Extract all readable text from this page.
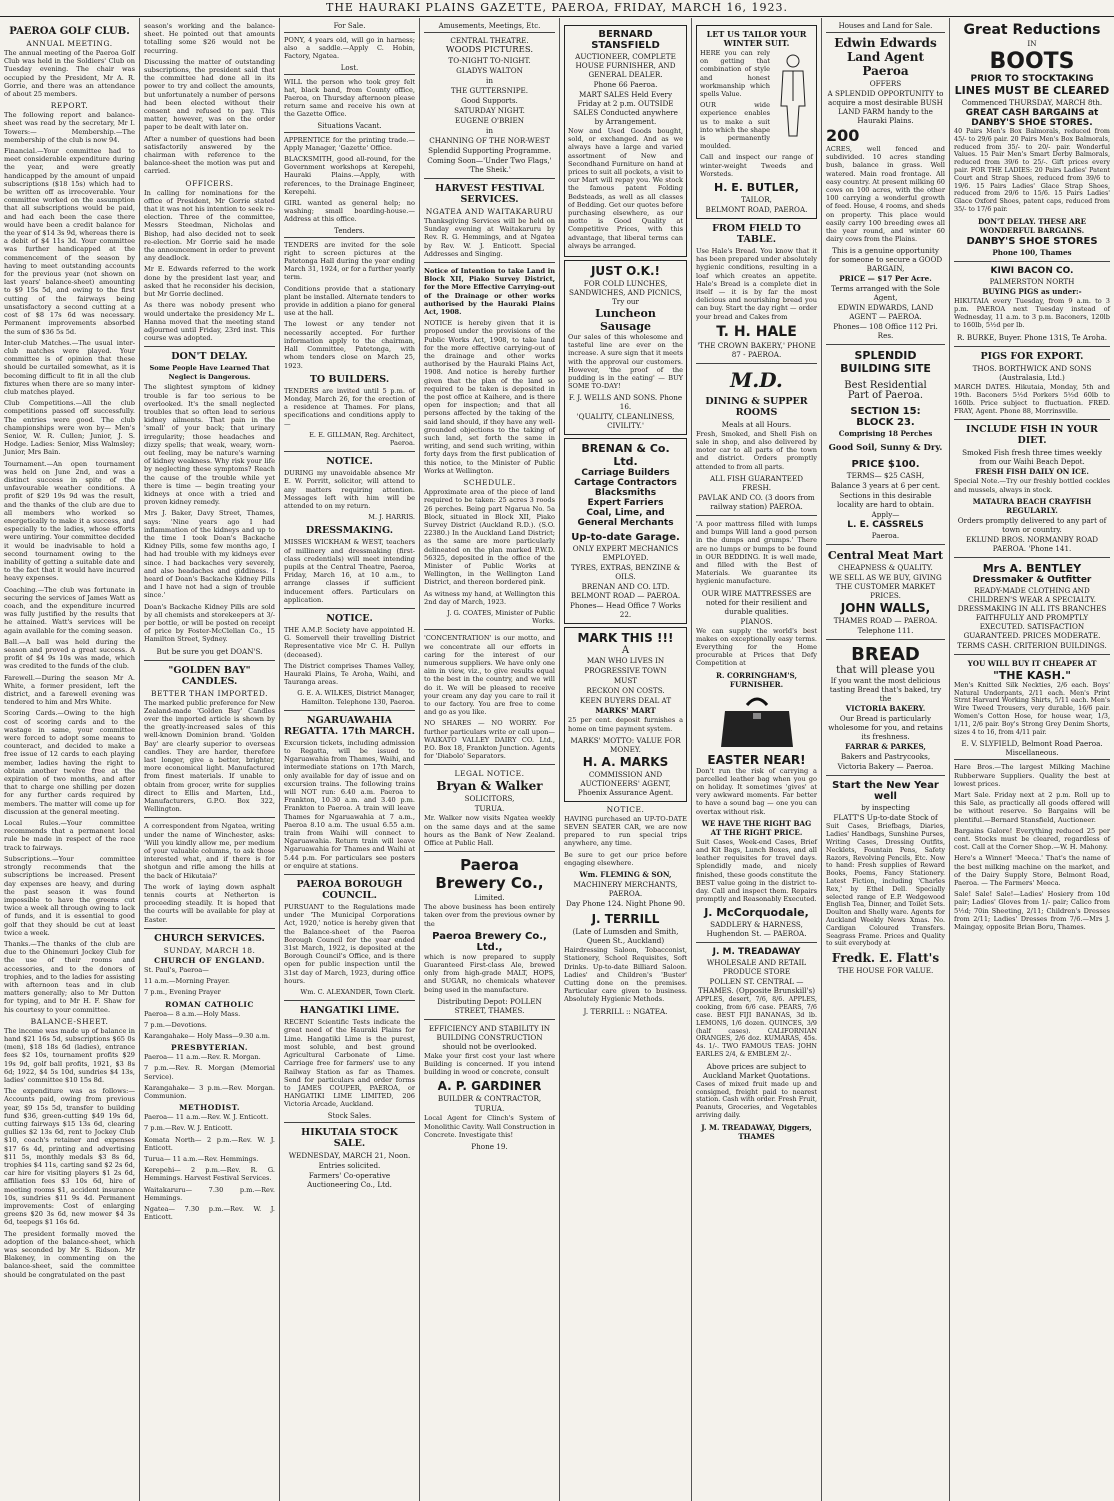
THE HAURAKI PLAINS GAZETTE, PAEROA, FRIDAY, MARCH 16, 1923.
PAEROA GOLF CLUB.
ANNUAL MEETING.
The annual meeting of the Paeroa Golf Club was held in the Soldiers' Club on Tuesday evening. The chair was occupied by the President, Mr A. R. Gorrie, and there was an attendance of about 25 members.
REPORT.
The following report and balance-sheet was read by the secretary, Mr I. Towers:— Membership.—The membership of the club is now 94.
Financial.—Your committee had to meet considerable expenditure during the year, and were greatly handicapped by the amount of unpaid subscriptions ($18 15s) which had to be written off as irrecoverable. Your committee worked on the assumption that all subscriptions would be paid, and had each been the case there would have been a credit balance for the year of $14 3s 9d, whereas there is a debit of $4 11s 3d. Your committee was further handicapped at the commencement of the season by having to meet outstanding accounts for the previous year (not shown on last years' balance-sheet) amounting to $9 15s 5d, and owing to the first cutting of the fairways being unsatisfactory a second cutting at a cost of $8 17s 6d was necessary. Permanent improvements absorbed the sum of $36 5s 5d.
Inter-club Matches.—The usual inter-club matches were played. Your committee is of opinion that these should be curtailed somewhat, as it is becoming difficult to fit in all the club fixtures when there are so many inter-club matches played.
Club Competitions.—All the club competitions passed off successfully. The entries were good. The club championships were won by— Men's Senior, W. R. Cullen; Junior, J. S. Hodge. Ladies: Senior, Miss Walmsley; Junior, Mrs Bain.
Tournament.—An open tournament was held on June 2nd, and was a distinct success in spite of the unfavourable weather conditions. A profit of $29 19s 9d was the result, and the thanks of the club are due to all members who worked so energetically to make it a success, and especially to the ladies, whose efforts were untiring. Your committee decided it would be inadvisable to hold a second tournament owing to the inability of getting a suitable date and to the fact that it would have incurred heavy expenses.
Coaching.—The club was fortunate in securing the services of James Watt as coach, and the expenditure incurred was fully justified by the results that he attained. Watt's services will be again available for the coming season.
Ball.—A ball was held during the season and proved a great success. A profit of $4 9s 10s was made, which was credited to the funds of the club.
Farewell.—During the season Mr A. White, a former president, left the district, and a farewell evening was tendered to him and Mrs White.
Scoring Cards.—Owing to the high cost of scoring cards and to the wastage in same, your committee were forced to adopt some means to counteract, and decided to make a free issue of 12 cards to each playing member, ladies having the right to obtain another twelve free at the expiration of two months, and after that to charge one shilling per dozen for any further cards required by members. The matter will come up for discussion at the general meeting.
Local Rules.—Your committee recommends that a permanent local rule be made in respect of the race track to fairways.
Subscriptions.—Your committee strongly recommends that the subscriptions be increased. Present day expenses are heavy, and during the past season it was found impossible to have the greens cut twice a week all through owing to lack of funds, and it is essential to good golf that they should be cut at least twice a week.
Thanks.—The thanks of the club are due to the Ohinemuri Jockey Club for the use of their rooms and accessories, and to the donors of trophies, and to the ladies for assisting with afternoon teas and in club matters generally; also to Mr Dutton for typing, and to Mr H. F. Shaw for his courtesy to your committee.
BALANCE-SHEET.
The income was made up of balance in hand $21 16s 5d, subscriptions $65 0s (men), $18 18s 6d (ladies), entrance fees $2 10s, tournament profits $29 19s 9d, golf ball profits, 1921, $3 8s 6d; 1922, $4 5s 10d, sundries $4 13s, ladies' committee $10 15s 8d.
The expenditure was as follows:— Accounts paid, owing from previous year, $9 15s 5d, transfer to building fund $36, green-cutting $49 19s 6d, cutting fairways $15 13s 6d, clearing gullies $2 13s 6d, rent to Jockey Club $10, coach's retainer and expenses $17 6s 4d, printing and advertising $11 5s, monthly medals $3 8s 6d, trophies $4 11s, carting sand $2 2s 6d, car hire for visiting players $1 2s 6d, affiliation fees $3 10s 6d, hire of meeting rooms $1, accident insurance 10s, sundries $11 9s 4d. Permanent improvements: Cost of enlarging greens $20 3s 6d, new mower $4 3s 6d, teepegs $1 16s 6d.
The president formally moved the adoption of the balance-sheet, which was seconded by Mr S. Ridson. Mr Blakeney, in commenting on the balance-sheet, said the committee should be congratulated on the past
season's working and the balance-sheet. He pointed out that amounts totalling some $26 would not be recurring.
Discussing the matter of outstanding subscriptions, the president said that the committee had done all in its power to try and collect the amounts, but unfortunately a number of persons had been elected without their consent and refused to pay. This matter, however, was on the order paper to be dealt with later on.
After a number of questions had been satisfactorily answered by the chairman with reference to the balance-sheet the motion was put and carried.
OFFICERS.
In calling for nominations for the office of President, Mr Gorrie stated that it was not his intention to seek re-election. Three of the committee, Messrs Steedman, Nicholas and Bishop, had also decided not to seek re-election. Mr Gorrie said he made the announcement in order to prevent any deadlock.
Mr E. Edwards referred to the work done by the president last year, and asked that he reconsider his decision, but Mr Gorrie declined.
As there was nobody present who would undertake the presidency Mr L. Hanna moved that the meeting stand adjourned until Friday, 23rd inst. This course was adopted.
DON'T DELAY.
Some People Have Learned That Neglect is Dangerous.
The slightest symptom of kidney trouble is far too serious to be overlooked. It's the small neglected troubles that so often lead to serious kidney ailments. That pain in the 'small' of your back; that urinary irregularity; those headaches and dizzy spells; that weak, weary, worn-out feeling, may be nature's warning of kidney weakness. Why risk your life by neglecting these symptoms? Reach the cause of the trouble while yet there is time — begin treating your kidneys at once with a tried and proven kidney remedy.
Mrs J. Baker, Davy Street, Thames, says: 'Nine years ago I had inflammation of the kidneys and up to the time I took Doan's Backache Kidney Pills, some few months ago, I had had trouble with my kidneys ever since. I had backaches very severely, and also headaches and giddiness. I heard of Doan's Backache Kidney Pills and I have not had a sign of trouble since.'
Doan's Backache Kidney Pills are sold by all chemists and storekeepers at 3/- per bottle, or will be posted on receipt of price by Foster-McClellan Co., 15 Hamilton Street, Sydney.
But be sure you get DOAN'S.
"GOLDEN BAY" CANDLES.
BETTER THAN IMPORTED.
The marked public preference for New Zealand-made 'Golden Bay' Candles over the imported article is shown by the greatly-increased sales of this well-known Dominion brand. 'Golden Bay' are clearly superior to overseas candles. They are harder, therefore last longer, give a better, brighter, more economical light. Manufactured from finest materials. If unable to obtain from grocer, write for supplies direct to Ellis and Marten, Ltd., Manufacturers, G.P.O. Box 322, Wellington.
A correspondent from Ngatea, writing under the name of Winchester, asks: 'Will you kindly allow me, per medium of your valuable columns, to ask those interested what, and if there is for shotgun and rifle among the hills at the back of Hikutaia?'
The work of laying down asphalt tennis courts at Netherton is proceeding steadily. It is hoped that the courts will be available for play at Easter.
CHURCH SERVICES.
SUNDAY, MARCH 18.
CHURCH OF ENGLAND.
St. Paul's, Paeroa—
11 a.m.—Morning Prayer.
7 p.m., Evening Prayer
ROMAN CATHOLIC
Paeroa— 8 a.m.—Holy Mass.
7 p.m.—Devotions.
Karangahake— Holy Mass—9.30 a.m.
PRESBYTERIAN.
Paeroa— 11 a.m.—Rev. R. Morgan.
7 p.m.—Rev. R. Morgan (Memorial Service).
Karangahake— 3 p.m.—Rev. Morgan. Communion.
METHODIST.
Paeroa— 11 a.m.—Rev. W. J. Enticott.
7 p.m.—Rev. W. J. Enticott.
Komata North— 2 p.m.—Rev. W. J. Enticott.
Turua— 11 a.m.—Rev. Hemmings.
Kerepehi— 2 p.m.—Rev. R. G. Hemmings. Harvest Festival Services.
Waitakaruru— 7.30 p.m.—Rev. Hemmings.
Ngatea— 7.30 p.m.—Rev. W. J. Enticott.
For Sale.
PONY, 4 years old, will go in harness; also a saddle.—Apply C. Hobin, Factory, Ngatea.
Lost.
WILL the person who took grey felt hat, black band, from County office, Paeroa, on Thursday afternoon please return same and receive his own at the Gazette Office.
Situations Vacant.
APPRENTICE for the printing trade.—Apply Manager, 'Gazette' Office.
BLACKSMITH, good all-round, for the Government workshops at Kerepehi, Hauraki Plains.—Apply, with references, to the Drainage Engineer, Kerepehi.
GIRL wanted as general help; no washing; small boarding-house.—Address at this office.
Tenders.
TENDERS are invited for the sole right to screen pictures at the Patetonga Hall during the year ending March 31, 1924, or for a further yearly term.
Conditions provide that a stationary plant be installed. Alternate tenders to provide in addition a piano for general use at the hall.
The lowest or any tender not necessarily accepted. For further information apply to the chairman, Hall Committee, Patetonga, with whom tenders close on March 25, 1923.
TO BUILDERS.
TENDERS are invited until 5 p.m. of Monday, March 26, for the erection of a residence at Thames. For plans, specifications and conditions apply to—
E. E. GILLMAN, Reg. Architect, Paeroa.
NOTICE.
DURING my unavoidable absence Mr E. W. Porritt, solicitor, will attend to any matters requiring attention. Messages left with him will be attended to on my return.
M. J. HARRIS.
DRESSMAKING.
MISSES WICKHAM & WEST, teachers of millinery and dressmaking (first-class credentials) will meet intending pupils at the Central Theatre, Paeroa, Friday, March 16, at 10 a.m., to arrange classes if sufficient inducement offers. Particulars on application.
NOTICE.
THE A.M.P. Society have appointed H. G. Somervell their travelling District Representative vice Mr C. H. Pullyn (deceased).
The District comprises Thames Valley, Hauraki Plains, Te Aroha, Waihi, and Tauranga areas.
G. E. A. WILKES, District Manager, Hamilton. Telephone 130, Paeroa.
NGARUAWAHIA REGATTA. 17th MARCH.
Excursion tickets, including admission to Regatta, will be issued to Ngaruawahia from Thames, Waihi, and intermediate stations on 17th March, only available for day of issue and on excursion trains. The following trains will NOT run: 6.40 a.m. Paeroa to Frankton, 10.30 a.m. and 3.40 p.m. Frankton to Paeroa. A train will leave Thames for Ngaruawahia at 7 a.m., Paeroa 8.10 a.m. The usual 6.55 a.m. train from Waihi will connect to Ngaruawahia. Return train will leave Ngaruawahia for Thames and Waihi at 5.44 p.m. For particulars see posters or enquire at stations.
PAEROA BOROUGH COUNCIL.
PURSUANT to the Regulations made under 'The Municipal Corporations Act, 1920,' notice is hereby given that the Balance-sheet of the Paeroa Borough Council for the year ended 31st March, 1922, is deposited at the Borough Council's Office, and is there open for public inspection until the 31st day of March, 1923, during office hours.
Wm. C. ALEXANDER, Town Clerk.
HANGATIKI LIME.
RECENT Scientific Tests indicate the great need of the Hauraki Plains for Lime. Hangatiki Lime is the purest, most soluble, and best ground Agricultural Carbonate of Lime. Carriage free for farmers' use to any Railway Station as far as Thames. Send for particulars and order forms to JAMES COUPER, PAEROA, or HANGATIKI LIME LIMITED, 206 Victoria Arcade, Auckland.
Stock Sales.
HIKUTAIA STOCK SALE.
WEDNESDAY, MARCH 21, Noon.
Entries solicited.
Farmers' Co-operative Auctioneering Co., Ltd.
Amusements, Meetings, Etc.
CENTRAL THEATRE.
WOODS PICTURES.
TO-NIGHT TO-NIGHT.
GLADYS WALTON
in
THE GUTTERSNIPE.
Good Supports.
SATURDAY NIGHT.
EUGENE O'BRIEN
in
CHANNING OF THE NOR-WEST
Splendid Supporting Programme.
Coming Soon—'Under Two Flags,' 'The Sheik.'
HARVEST FESTIVAL SERVICES.
NGATEA AND WAITAKARURU
Thanksgiving Services will be held on Sunday evening at Waitakaruru by Rev. R. G. Hemmings, and at Ngatea by Rev. W. J. Enticott. Special Addresses and Singing.
Notice of Intention to take Land in Block XII, Piako Survey District, for the More Effective Carrying-out of the Drainage or other works authorised by the Hauraki Plains Act, 1908.
NOTICE is hereby given that it is proposed under the provisions of the Public Works Act, 1908, to take land for the more effective carrying-out of the drainage and other works authorised by the Hauraki Plains Act, 1908. And notice is hereby further given that the plan of the land so required to be taken is deposited in the post office at Kaihere, and is there open for inspection; and that all persons affected by the taking of the said land should, if they have any well-grounded objections to the taking of such land, set forth the same in writing, and send such writing, within forty days from the first publication of this notice, to the Minister of Public Works at Wellington.
SCHEDULE.
Approximate area of the piece of land required to be taken: 25 acres 3 roods 26 perches. Being part Ngarua No. 5a Block, situated in Block XII, Piako Survey District (Auckland R.D.). (S.O. 22380.) In the Auckland Land District; as the same are more particularly delineated on the plan marked P.W.D. 56325, deposited in the office of the Minister of Public Works at Wellington, in the Wellington Land District, and thereon bordered pink.
As witness my hand, at Wellington this 2nd day of March, 1923.
J. G. COATES, Minister of Public Works.
'CONCENTRATION' is our motto, and we concentrate all our efforts in caring for the interest of our numerous suppliers. We have only one aim in view, viz., to give results equal to the best in the country, and we will do it. We will be pleased to receive your cream any day you care to rail it to our factory. You are free to come and go as you like.
NO SHARES — NO WORRY. For further particulars write or call upon— WAIKATO VALLEY DAIRY CO. Ltd., P.O. Box 18, Frankton Junction. Agents for 'Diabolo' Separators.
LEGAL NOTICE.
Bryan & Walker
SOLICITORS,
TURUA.
Mr. Walker now visits Ngatea weekly on the same days and at the same hours as the Bank of New Zealand. Office at Public Hall.
Paeroa
Brewery Co.,
Limited.
The above business has been entirely taken over from the previous owner by the
Paeroa Brewery Co., Ltd.,
which is now prepared to supply Guaranteed First-class Ale, brewed only from high-grade MALT, HOPS, and SUGAR, no chemicals whatever being used in the manufacture.
Distributing Depot: POLLEN STREET, THAMES.
EFFICIENCY AND STABILITY IN BUILDING CONSTRUCTION should not be overlooked.
Make your first cost your last where Building is concerned. If you intend building in wood or concrete, consult
A. P. GARDINER
BUILDER & CONTRACTOR,
TURUA.
Local Agent for Clinch's System of Monolithic Cavity. Wall Construction in Concrete. Investigate this!
Phone 19.
BERNARD STANSFIELD
AUCTIONEER, COMPLETE HOUSE FURNISHER, AND GENERAL DEALER.
Phone 66 Paeroa.
MART SALES Held Every Friday at 2 p.m. OUTSIDE SALES Conducted anywhere by Arrangement.
Now and Used Goods bought, sold, or exchanged. And as we always have a large and varied assortment of New and Secondhand Furniture on hand at prices to suit all pockets, a visit to our Mart will repay you. We stock the famous patent Folding Bedsteads, as well as all classes of Bedding. Get our quotes before purchasing elsewhere, as our motto is Good Quality at Competitive Prices, with this advantage, that liberal terms can always be arranged.
JUST O.K.!
FOR COLD LUNCHES, SANDWICHES, AND PICNICS, Try our
Luncheon Sausage
Our sales of this wholesome and tasteful line are ever on the increase. A sure sign that it meets with the approval our customers. However, 'the proof of the pudding is in the eating' — BUY SOME TO-DAY!
F. J. WELLS AND SONS. Phone 16.
'QUALITY, CLEANLINESS, CIVILITY.'
BRENAN & Co. Ltd.
Carriage Builders
Cartage Contractors
Blacksmiths
Expert Farriers
Coal, Lime, and
General Merchants
Up-to-date Garage.
ONLY EXPERT MECHANICS EMPLOYED.
TYRES, EXTRAS, BENZINE & OILS.
BRENAN AND CO. LTD. BELMONT ROAD — PAEROA.
Phones— Head Office 7 Works 22.
MARK THIS !!!
A
MAN WHO LIVES IN
PROGRESSIVE TOWN
MUST
RECKON ON COSTS.
KEEN BUYERS DEAL AT
MARKS' MART
25 per cent. deposit furnishes a home on time payment system.
MARKS' MOTTO: VALUE FOR MONEY.
H. A. MARKS
COMMISSION AND AUCTIONEERS' AGENT, Phoenix Assurance Agent.
NOTICE.
HAVING purchased an UP-TO-DATE SEVEN SEATER CAR, we are now prepared to run special trips anywhere, any time.
Be sure to get our price before engaging elsewhere.
Wm. FLEMING & SON,
MACHINERY MERCHANTS, PAEROA.
Day Phone 124. Night Phone 90.
J. TERRILL
(Late of Lumsden and Smith, Queen St., Auckland)
Hairdressing Saloon, Tobacconist, Stationery, School Requisites, Soft Drinks. Up-to-date Billiard Saloon. Ladies' and Children's 'Buster' Cutting done on the premises. Particular care given to business. Absolutely Hygienic Methods.
J. TERRILL :: NGATEA.
LET US TAILOR YOUR WINTER SUIT.
HERE you can rely on getting that combination of style and honest workmanship which spells Value.
OUR wide experience enables us to make a suit into which the shape is permanently moulded.
Call and inspect our range of winter-weight Tweeds and Worsteds.
H. E. BUTLER,
TAILOR,
BELMONT ROAD, PAEROA.
FROM FIELD TO TABLE.
Use Hale's Bread. You know that it has been prepared under absolutely hygienic conditions, resulting in a loaf which creates an appetite. Hale's Bread is a complete diet in itself — it is by far the most delicious and nourishing bread you can buy. Start the day right — order your bread and Cakes from
T. H. HALE
'THE CROWN BAKERY,' PHONE 87 - PAEROA.
M.D.
DINING & SUPPER ROOMS
Meals at all Hours.
Fresh, Smoked, and Shell Fish on sale in shop, and also delivered by motor car to all parts of the town and district. Orders promptly attended to from all parts.
ALL FISH GUARANTEED FRESH.
PAVLAK AND CO. (3 doors from railway station) PAEROA.
'A poor mattress filled with lumps and bumps Will land a good person in the dumps and grumps.' There are no lumps or bumps to be found in OUR BEDDING. It is well made, and filled with the Best of Materials. We guarantee its hygienic manufacture.
OUR WIRE MATTRESSES are noted for their resilient and durable qualities.
PIANOS.
We can supply the world's best makes on exceptionally easy terms. Everything for the Home procurable at Prices that Defy Competition at
R. CORRINGHAM'S, FURNISHER.
EASTER NEAR!
Don't run the risk of carrying a parcelled leather bag when you go on holiday. It sometimes 'gives' at very awkward moments. Far better to have a sound bag — one you can overtax without risk.
WE HAVE THE RIGHT BAG AT THE RIGHT PRICE.
Suit Cases, Week-end Cases, Brief and Kit Bags, Lunch Boxes, and all leather requisites for travel days. Splendidly made, and nicely finished, these goods constitute the BEST value going in the district to-day. Call and inspect them. Repairs promptly and Reasonably Executed.
J. McCorquodale,
SADDLERY & HARNESS, Hughendon St. — PAEROA.
J. M. TREADAWAY
WHOLESALE AND RETAIL PRODUCE STORE
POLLEN ST. CENTRAL — THAMES. (Opposite Brunskill's)
APPLES, desert, 7/6, 8/6. APPLES, cooking, from 6/6 case. PEARS, 7/6 case. BEST FIJI BANANAS, 3d lb. LEMONS, 1/6 dozen. QUINCES, 3/9 (half cases). CALIFORNIAN ORANGES, 2/6 doz. KUMARAS, 45s. 4s. 1/-. TWO FAMOUS TEAS: JOHN EARLES 2/4, & EMBLEM 2/-.
Above prices are subject to Auckland Market Quotations.
Cases of mixed fruit made up and consigned, freight paid to nearest station. Cash with order. Fresh Fruit, Peanuts, Groceries, and Vegetables arriving daily.
J. M. TREADAWAY, Diggers, THAMES
Houses and Land for Sale.
Edwin Edwards
Land Agent
Paeroa
OFFERS
A SPLENDID OPPORTUNITY to acquire a most desirable BUSH LAND FARM handy to the Hauraki Plains.
200
ACRES, well fenced and subdivided. 10 acres standing bush, balance in grass. Well watered. Main road frontage. All easy country. At present milking 60 cows on 100 acres, with the other 100 carrying a wonderful growth of feed. House, 4 rooms, and sheds on property. This place would easily carry 100 breeding ewes all the year round, and winter 60 dairy cows from the Plains.
This is a genuine opportunity for someone to secure a GOOD BARGAIN,
PRICE — $17 Per Acre.
Terms arranged with the Sole Agent,
EDWIN EDWARDS, LAND AGENT — PAEROA.
Phones— 108 Office 112 Pri. Res.
SPLENDID
BUILDING SITE
Best Residential
Part of Paeroa.
SECTION 15:
BLOCK 23.
Comprising 18 Perches
Good Soil, Sunny & Dry.
PRICE $100.
TERMS— $25 CASH,
Balance 3 years at 6 per cent.
Sections in this desirable locality are hard to obtain.
Apply—
L. E. CASSRELS
Paeroa.
Central Meat Mart
CHEAPNESS & QUALITY.
WE SELL AS WE BUY, GIVING THE CUSTOMER MARKET PRICES.
JOHN WALLS,
THAMES ROAD — PAEROA.
Telephone 111.
BREAD
that will please you
If you want the most delicious tasting Bread that's baked, try the
VICTORIA BAKERY.
Our Bread is particularly wholesome for you, and retains its freshness.
FARRAR & PARKES,
Bakers and Pastrycooks,
Victoria Bakery — Paeroa.
Start the New Year well
by inspecting
FLATT'S Up-to-date Stock of
Suit Cases, Briefbags, Diaries, Ladies' Handbags, Sunshine Purses, Writing Cases, Dressing Outfits, Necklets, Fountain Pens, Safety Razors, Revolving Pencils, Etc. Now to hand: Fresh supplies of Reward Books, Poems, Fancy Stationery. Latest Fiction, including 'Charles Rex,' by Ethel Dell. Specially selected range of E.P. Wedgewood English Tea, Dinner, and Toilet Sets. Doulton and Shelly ware. Agents for Auckland Weekly News Xmas. No. Cardigan Coloured Transfers. Seagrass Frame. Prices and Quality to suit everybody at
Fredk. E. Flatt's
THE HOUSE FOR VALUE.
Great Reductions
IN
BOOTS
PRIOR TO STOCKTAKING
LINES MUST BE CLEARED
Commenced THURSDAY, MARCH 8th.
GREAT CASH BARGAINS at DANBY'S SHOE STORES.
40 Pairs Men's Box Balmorals, reduced from 45/- to 29/6 pair. 20 Pairs Men's Box Balmorals, reduced from 35/- to 20/- pair. Wonderful Values. 15 Pair Men's Smart Derby Balmorals, reduced from 39/6 to 25/-. Gift prices every pair. FOR THE LADIES: 20 Pairs Ladies' Patent Court and Strap Shoes, reduced from 39/6 to 19/6. 15 Pairs Ladies' Glace Strap Shoes, reduced from 29/6 to 15/6. 15 Pairs Ladies' Glace Oxford Shoes, patent caps, reduced from 35/- to 17/6 pair.
DON'T DELAY. THESE ARE WONDERFUL BARGAINS.
DANBY'S SHOE STORES
Phone 100, Thames
KIWI BACON CO.
PALMERSTON NORTH
BUYING PIGS as under:-
HIKUTAIA every Tuesday, from 9 a.m. to 3 p.m. PAEROA next Tuesday instead of Wednesday, 11 a.m. to 3 p.m. Baconers, 120lb to 160lb, 5½d per lb.
R. BURKE, Buyer. Phone 131S, Te Aroha.
PIGS FOR EXPORT.
THOS. BORTHWICK AND SONS (Australasia, Ltd.)
MARCH DATES. Hikutaia, Monday, 5th and 19th. Baconers 5½d Porkers 5½d 60lb to 160lb. Price subject to fluctuation. FRED. FRAY, Agent. Phone 88, Morrinsville.
INCLUDE FISH IN YOUR DIET.
Smoked Fish fresh three times weekly from our Waihi Beach Depot.
FRESH FISH DAILY ON ICE.
Special Note.—Try our freshly bottled cockles and mussels, always in stock.
MATAURA BEACH CRAYFISH REGULARLY.
Orders promptly delivered to any part of town or country.
EKLUND BROS. NORMANBY ROAD PAEROA. 'Phone 141.
Mrs A. BENTLEY
Dressmaker & Outfitter
READY-MADE CLOTHING AND CHILDREN'S WEAR A SPECIALTY. DRESSMAKING IN ALL ITS BRANCHES FAITHFULLY AND PROMPTLY EXECUTED. SATISFACTION GUARANTEED. PRICES MODERATE.
TERMS CASH. CRITERION BUILDINGS.
YOU WILL BUY IT CHEAPER AT
"THE KASH."
Men's Knitted Silk Neckties, 2/6 each. Boys' Natural Underpants, 2/11 each. Men's Print Strnt Harvard Working Shirts, 5/11 each. Men's Wire Tweed Trousers, very durable, 16/6 pair. Women's Cotton Hose, for house wear, 1/3, 1/11, 2/6 pair. Boy's Strong Grey Denim Shorts, sizes 4 to 16, from 4/11 pair.
E. V. SLYFIELD, Belmont Road Paeroa.
Miscellaneous.
Hare Bros.—The largest Milking Machine Rubberware Suppliers. Quality the best at lowest prices.
Mart Sale. Friday next at 2 p.m. Roll up to this Sale, as practically all goods offered will be without reserve. So Bargains will be plentiful.—Bernard Stansfield, Auctioneer.
Bargains Galore! Everything reduced 25 per cent. Stocks must be cleared, regardless of cost. Call at the Corner Shop.—W. H. Mahony.
Here's a Winner! 'Meeca.' That's the name of the best milking machine on the market, and of the Dairy Supply Store, Belmont Road, Paeroa. — The Farmers' Meeca.
Sale! Sale! Sale!—Ladies' Hosiery from 10d pair; Ladies' Gloves from 1/- pair; Calico from 5½d; 70in Sheeting, 2/11; Children's Dresses from 2/11; Ladies' Dresses from 7/6.—Mrs J. Maingay, opposite Brian Boru, Thames.
